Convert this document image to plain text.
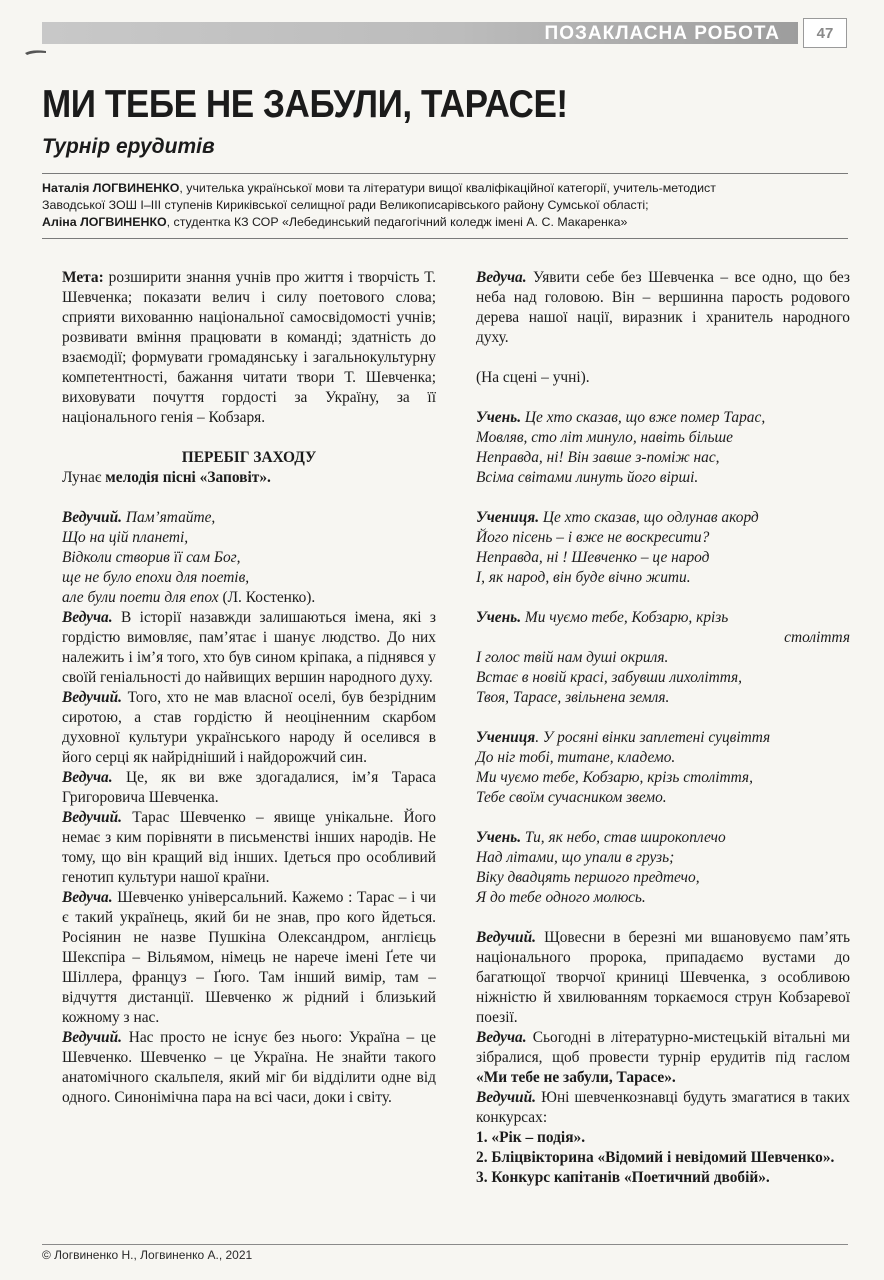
ПОЗАКЛАСНА РОБОТА	47
МИ ТЕБЕ НЕ ЗАБУЛИ, ТАРАСЕ!
Турнір ерудитів
Наталія ЛОГВИНЕНКО, учителька української мови та літератури вищої кваліфікаційної категорії, учитель-методист
Заводської ЗОШ І–ІІІ ступенів Кириківської селищної ради Великописарівського району Сумської області;
Аліна ЛОГВИНЕНКО, студентка КЗ СОР «Лебединський педагогічний коледж імені А. С. Макаренка»

Мета: розширити знання учнів про життя і творчість Т. Шевченка; показати велич і силу поетового слова; сприяти вихованню національної самосвідомості учнів; розвивати вміння працювати в команді; здатність до взаємодії; формувати громадянську і загальнокультурну компетентності, бажання читати твори Т. Шевченка; виховувати почуття гордості за Україну, за її національного генія – Кобзаря.

ПЕРЕБІГ ЗАХОДУ

Лунає мелодія пісні «Заповіт».

Ведучий. Пам’ятайте,

Що на цій планеті,

Відколи створив її сам Бог,

ще не було епохи для поетів,

але були поети для епох (Л. Костенко).

Ведуча. В історії назавжди залишаються імена, які з гордістю вимовляє, пам’ятає і шанує людство. До них належить і ім’я того, хто був сином кріпака, а піднявся у своїй геніальності до найвищих вершин народного духу.

Ведучий. Того, хто не мав власної оселі, був безрідним сиротою, а став гордістю й неоціненним скарбом духовної культури українського народу й оселився в його серці як найрідніший і найдорожчий син.

Ведуча. Це, як ви вже здогадалися, ім’я Тараса Григоровича Шевченка.

Ведучий. Тарас Шевченко – явище унікальне. Його немає з ким порівняти в письменстві інших народів. Не тому, що він кращий від інших. Ідеться про особливий генотип культури нашої країни.

Ведуча. Шевченко універсальний. Кажемо : Тарас – і чи є такий українець, який би не знав, про кого йдеться. Росіянин не назве Пушкіна Олександром, англієць Шекспіра – Вільямом, німець не наречe імені Ґете чи Шіллера, француз – Ґюго. Там інший вимір, там – відчуття дистанції. Шевченко ж рідний і близький кожному з нас.

Ведучий. Нас просто не існує без нього: Україна – це Шевченко. Шевченко – це Україна. Не знайти такого анатомічного скальпеля, який міг би відділити одне від одного. Синонімічна пара на всі часи, доки і світу.

Ведуча. Уявити себе без Шевченка – все одно, що без неба над головою. Він – вершинна парость родового дерева нашої нації, виразник і хранитель народного духу.

(На сцені – учні).

Учень. Це хто сказав, що вже помер Тарас,

Мовляв, сто літ минуло, навіть більше

Неправда, ні! Він завше з-поміж нас,

Всіма світами линуть його вірші.

Учениця. Це хто сказав, що одлунав акорд

Його пісень – і вже не воскресити?

Неправда, ні ! Шевченко – це народ

І, як народ, він буде вічно жити.

Учень. Ми чуємо тебе, Кобзарю, крізь

століття

І голос твій нам душі окриля.

Встає в новій красі, забувши лихоліття,

Твоя, Тарасе, звільнена земля.

Учениця. У росяні вінки заплетені суцвіття

До ніг тобі, титане, кладемо.

Ми чуємо тебе, Кобзарю, крізь століття,

Тебе своїм сучасником звемо.

Учень. Ти, як небо, став широкоплечо

Над літами, що упали в грузь;

Віку двадцять першого предтечо,

Я до тебе одного молюсь.

Ведучий. Щовесни в березні ми вшановуємо пам’ять національного пророка, припадаємо вустами до багатющої творчої криниці Шевченка, з особливою ніжністю й хвилюванням торкаємося струн Кобзаревої поезії.

Ведуча. Сьогодні в літературно-мистецькій вітальні ми зібралися, щоб провести турнір ерудитів під гаслом «Ми тебе не забули, Тарасе».

Ведучий. Юні шевченкознавці будуть змагатися в таких конкурсах:

1. «Рік – подія».

2. Бліцвікторина «Відомий і невідомий Шевченко».

3. Конкурс капітанів «Поетичний двобій».

© Логвиненко Н., Логвиненко А., 2021
